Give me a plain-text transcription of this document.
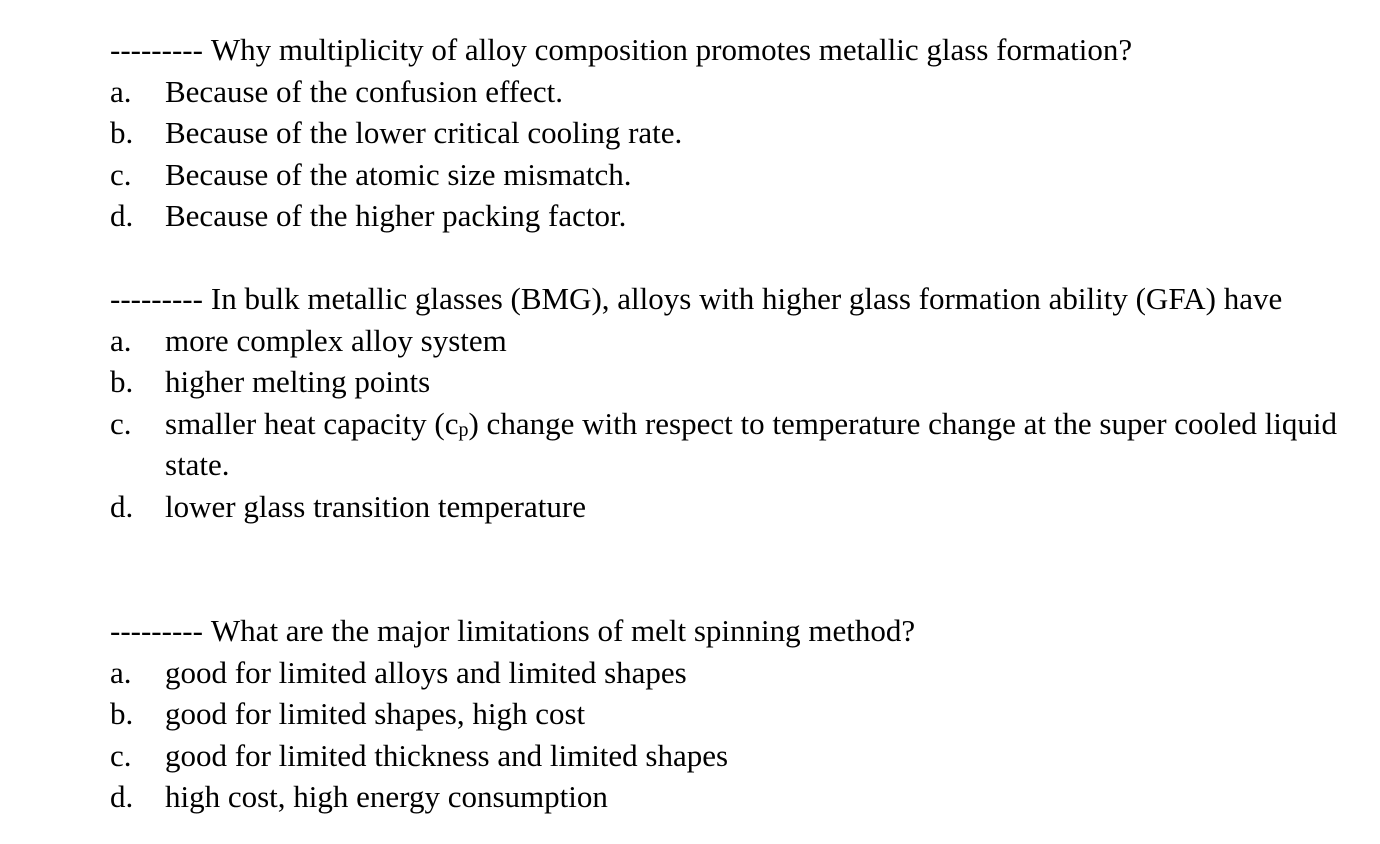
--------- Why multiplicity of alloy composition promotes metallic glass formation?

a.	Because of the confusion effect.
b.	Because of the lower critical cooling rate.
c.	Because of the atomic size mismatch.
d.	Because of the higher packing factor.

--------- In bulk metallic glasses (BMG), alloys with higher glass formation ability (GFA) have

a.	more complex alloy system
b.	higher melting points
c.	smaller heat capacity $(c_p)$ change with respect to temperature change at the super cooled liquid state.
d.	lower glass transition temperature

--------- What are the major limitations of melt spinning method?

a.	good for limited alloys and limited shapes
b.	good for limited shapes, high cost
c.	good for limited thickness and limited shapes
d.	high cost, high energy consumption
